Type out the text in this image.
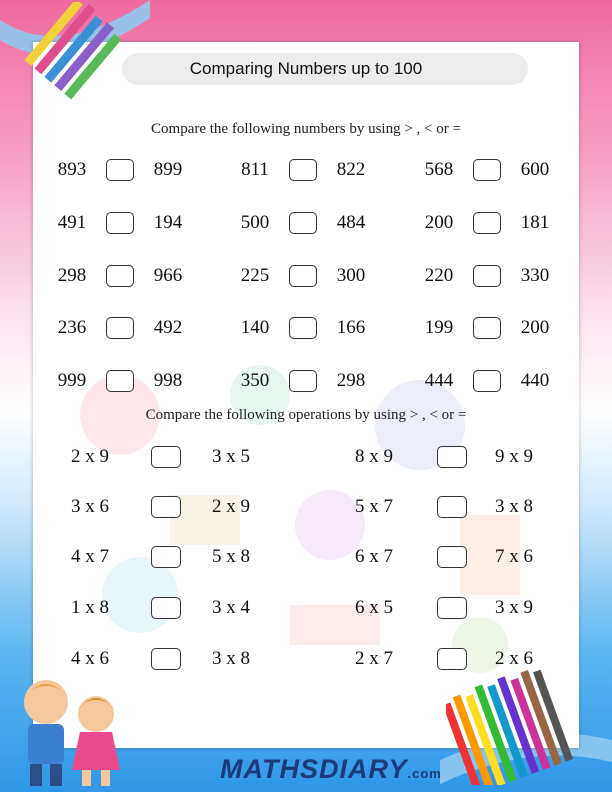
Comparing Numbers up to 100
Compare the following numbers by using > , < or =
893	899	811	822	568	600
491	194	500	484	200	181
298	966	225	300	220	330
236	492	140	166	199	200
999	998	350	298	444	440
Compare the following operations by using > , < or =
2 x 9	3 x 5	8 x 9	9 x 9
3 x 6	2 x 9	5 x 7	3 x 8
4 x 7	5 x 8	6 x 7	7 x 6
1 x 8	3 x 4	6 x 5	3 x 9
4 x 6	3 x 8	2 x 7	2 x 6
MATHSDIARY.com
